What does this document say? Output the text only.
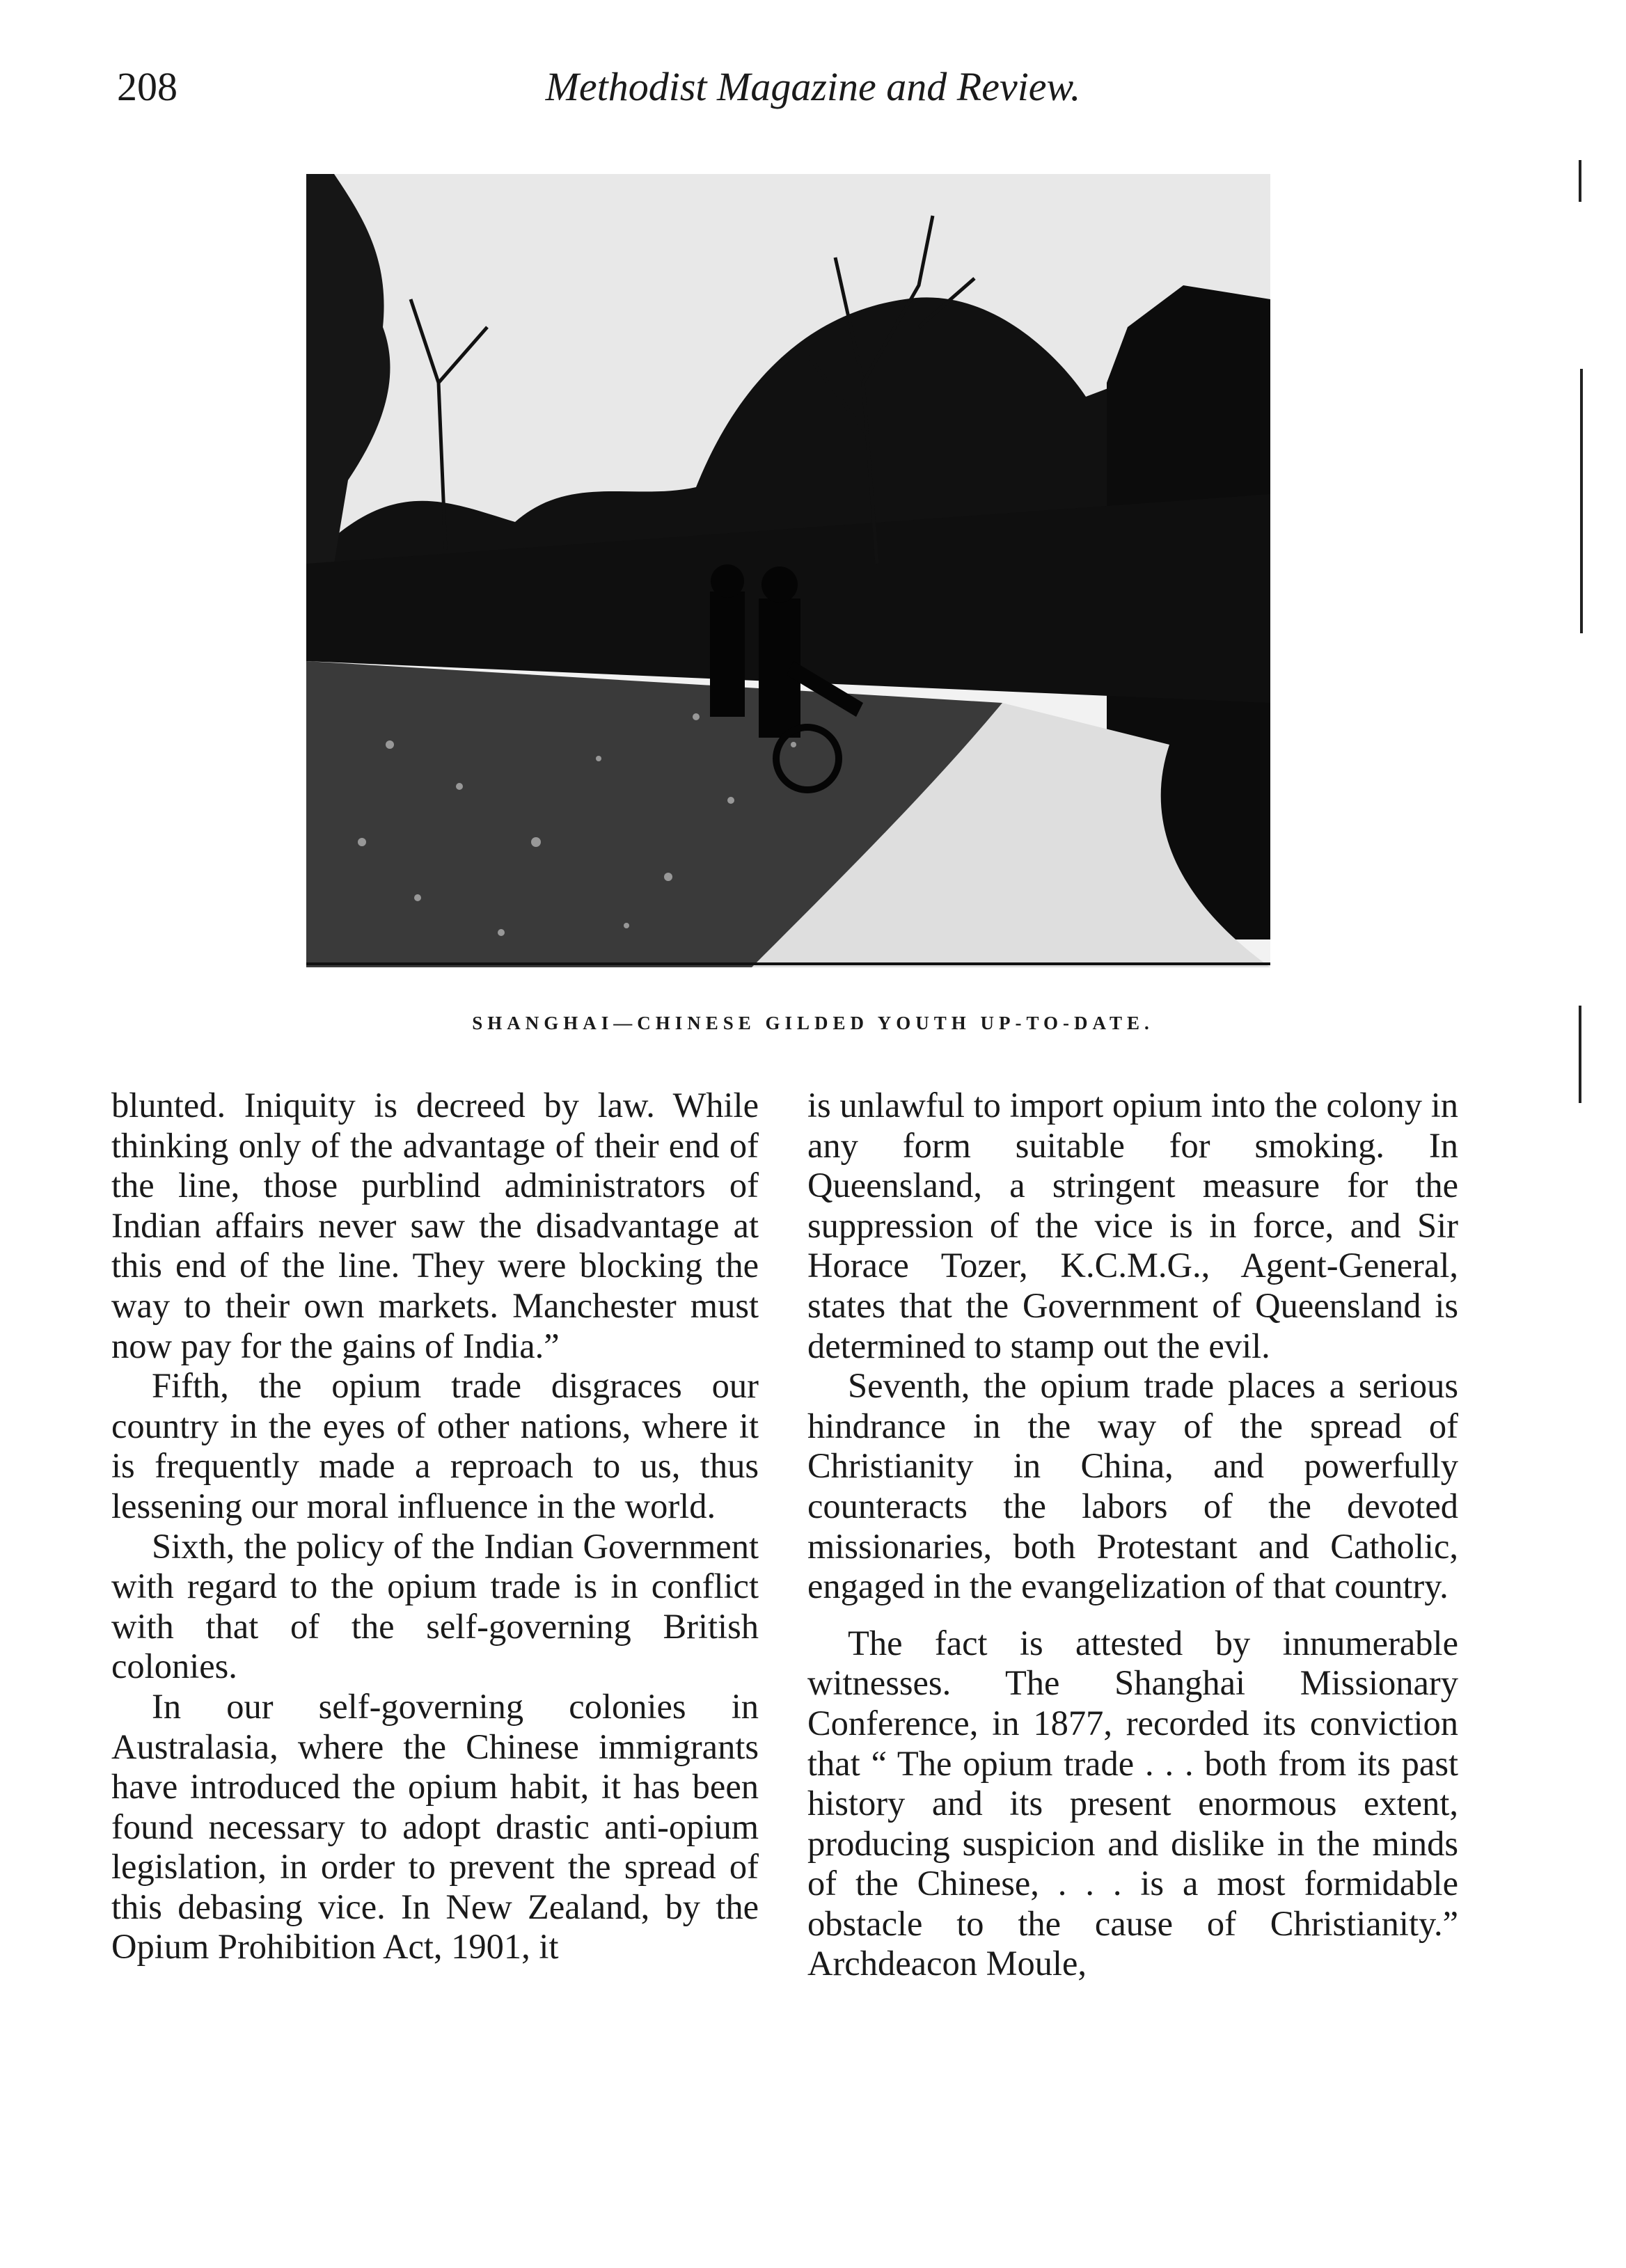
208	Methodist Magazine and Review.
SHANGHAI—CHINESE GILDED YOUTH UP-TO-DATE.

blunted. Iniquity is decreed by law. While thinking only of the advantage of their end of the line, those purblind administrators of Indian affairs never saw the disadvantage at this end of the line. They were blocking the way to their own markets. Manchester must now pay for the gains of India.”

Fifth, the opium trade disgraces our country in the eyes of other nations, where it is frequently made a reproach to us, thus lessening our moral influence in the world.

Sixth, the policy of the Indian Government with regard to the opium trade is in conflict with that of the self-governing British colonies.

In our self-governing colonies in Australasia, where the Chinese immigrants have introduced the opium habit, it has been found necessary to adopt drastic anti-opium legislation, in order to prevent the spread of this debasing vice. In New Zealand, by the Opium Prohibition Act, 1901, it

is unlawful to import opium into the colony in any form suitable for smoking. In Queensland, a stringent measure for the suppression of the vice is in force, and Sir Horace Tozer, K.C.M.G., Agent-General, states that the Government of Queensland is determined to stamp out the evil.

Seventh, the opium trade places a serious hindrance in the way of the spread of Christianity in China, and powerfully counteracts the labors of the devoted missionaries, both Protestant and Catholic, engaged in the evangelization of that country.

The fact is attested by innumerable witnesses. The Shanghai Missionary Conference, in 1877, recorded its conviction that “ The opium trade . . . both from its past history and its present enormous extent, producing suspicion and dislike in the minds of the Chinese, . . . is a most formidable obstacle to the cause of Christianity.” Archdeacon Moule,
